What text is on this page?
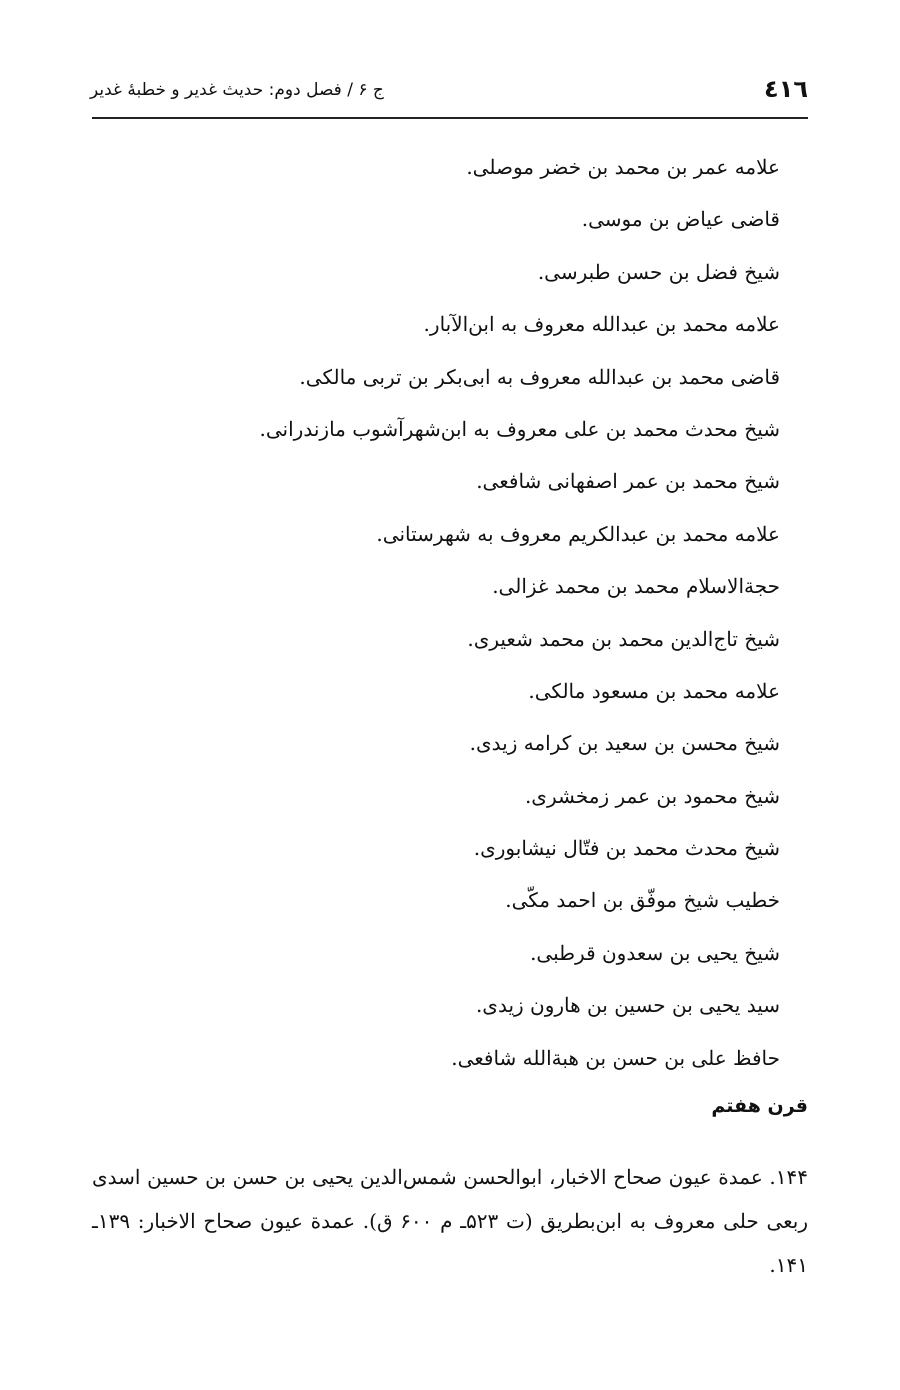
٤١٦
ج ۶ / فصل دوم: حدیث غدیر و خطبهٔ غدیر
علامه عمر بن محمد بن خضر موصلی.
قاضی عیاض بن موسی.
شیخ فضل بن حسن طبرسی.
علامه محمد بن عبدالله معروف به ابن‌الآبار.
قاضی محمد بن عبدالله معروف به ابی‌بکر بن تربی مالکی.
شیخ محدث محمد بن علی معروف به ابن‌شهرآشوب مازندرانی.
شیخ محمد بن عمر اصفهانی شافعی.
علامه محمد بن عبدالکریم معروف به شهرستانی.
حجةالاسلام محمد بن محمد غزالی.
شیخ تاج‌الدین محمد بن محمد شعیری.
علامه محمد بن مسعود مالکی.
شیخ محسن بن سعید بن کرامه زیدی.
شیخ محمود بن عمر زمخشری.
شیخ محدث محمد بن فتّال نیشابوری.
خطیب شیخ موفّق بن احمد مکّی.
شیخ یحیی بن سعدون قرطبی.
سید یحیی بن حسین بن هارون زیدی.
حافظ علی بن حسن بن هبةالله شافعی.
قرن هفتم

۱۴۴. عمدة عیون صحاح الاخبار، ابوالحسن شمس‌الدین یحیی بن حسن بن حسین اسدی ربعی حلی معروف به ابن‌بطریق (ت ۵۲۳ـ م ۶۰۰ ق). عمدة عیون صحاح الاخبار: ۱۳۹ـ ۱۴۱.
